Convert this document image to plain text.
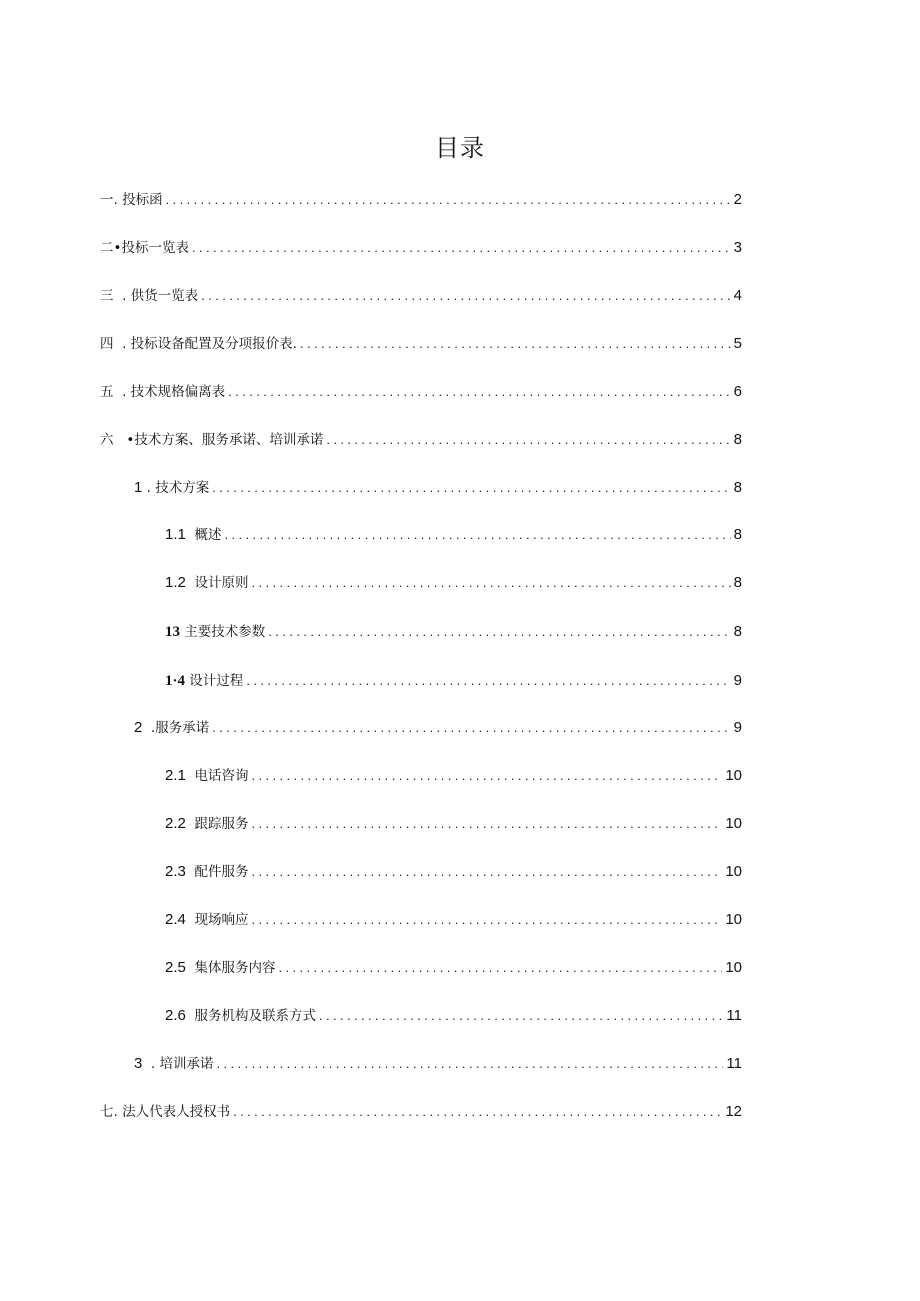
目录
一. 投标函 .....	2
二•投标一览表 .....	3
三  . 供货一览表 .....	4
四  . 投标设备配置及分项报价表. .....	5
五  . 技术规格偏离表 .....	6
六   •技术方案、服务承诺、培训承诺 .....	8
1 . 技术方案 .....	8
1.1  概述 .....	8
1.2  设计原则 .....	8
13 主要技术参数 .....	8
1·4 设计过程 .....	9
2  .服务承诺 .....	9
2.1  电话咨询 .....	10
2.2  跟踪服务 .....	10
2.3  配件服务 .....	10
2.4  现场响应 .....	10
2.5  集体服务内容 .....	10
2.6  服务机构及联系方式 .....	11
3  . 培训承诺 .....	11
七. 法人代表人授权书 .....	12
